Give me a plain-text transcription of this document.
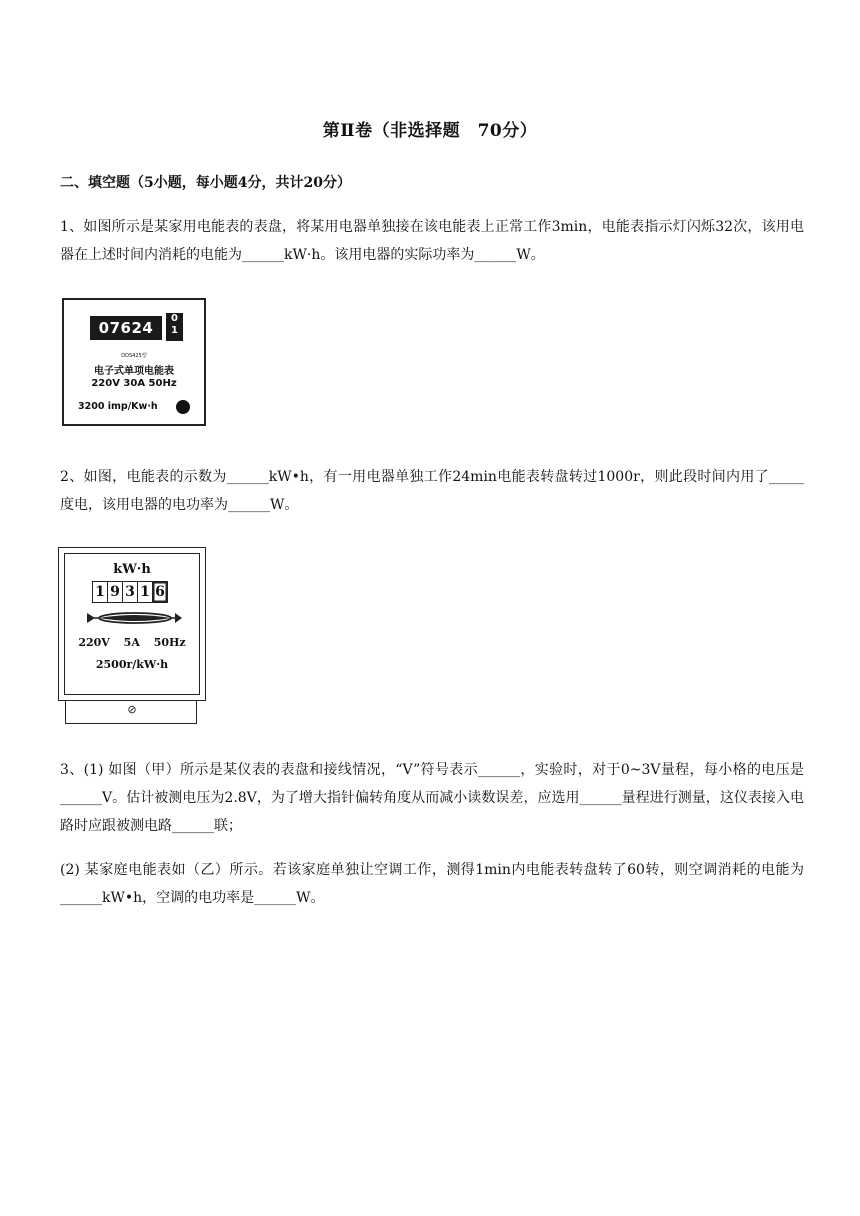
第Ⅱ卷（非选择题　70分）
二、填空题（5小题，每小题4分，共计20分）
1、如图所示是某家用电能表的表盘，将某用电器单独接在该电能表上正常工作3min，电能表指示灯闪烁32次，该用电器在上述时间内消耗的电能为______kW·h。该用电器的实际功率为______W。
07624
0
1
DDS425型
电子式单项电能表
220V 30A 50Hz
3200 imp/Kw·h
2、如图，电能表的示数为______kW•h，有一用电器单独工作24min电能表转盘转过1000r，则此段时间内用了_____度电，该用电器的电功率为______W。
kW·h
1 9 3 1 6
220V 5A 50Hz
2500r/kW·h
⊘
3、(1) 如图（甲）所示是某仪表的表盘和接线情况，“V”符号表示______，实验时，对于0~3V量程，每小格的电压是______V。估计被测电压为2.8V，为了增大指针偏转角度从而减小读数误差，应选用______量程进行测量，这仪表接入电路时应跟被测电路______联；
(2) 某家庭电能表如（乙）所示。若该家庭单独让空调工作，测得1min内电能表转盘转了60转，则空调消耗的电能为______kW•h，空调的电功率是______W。
